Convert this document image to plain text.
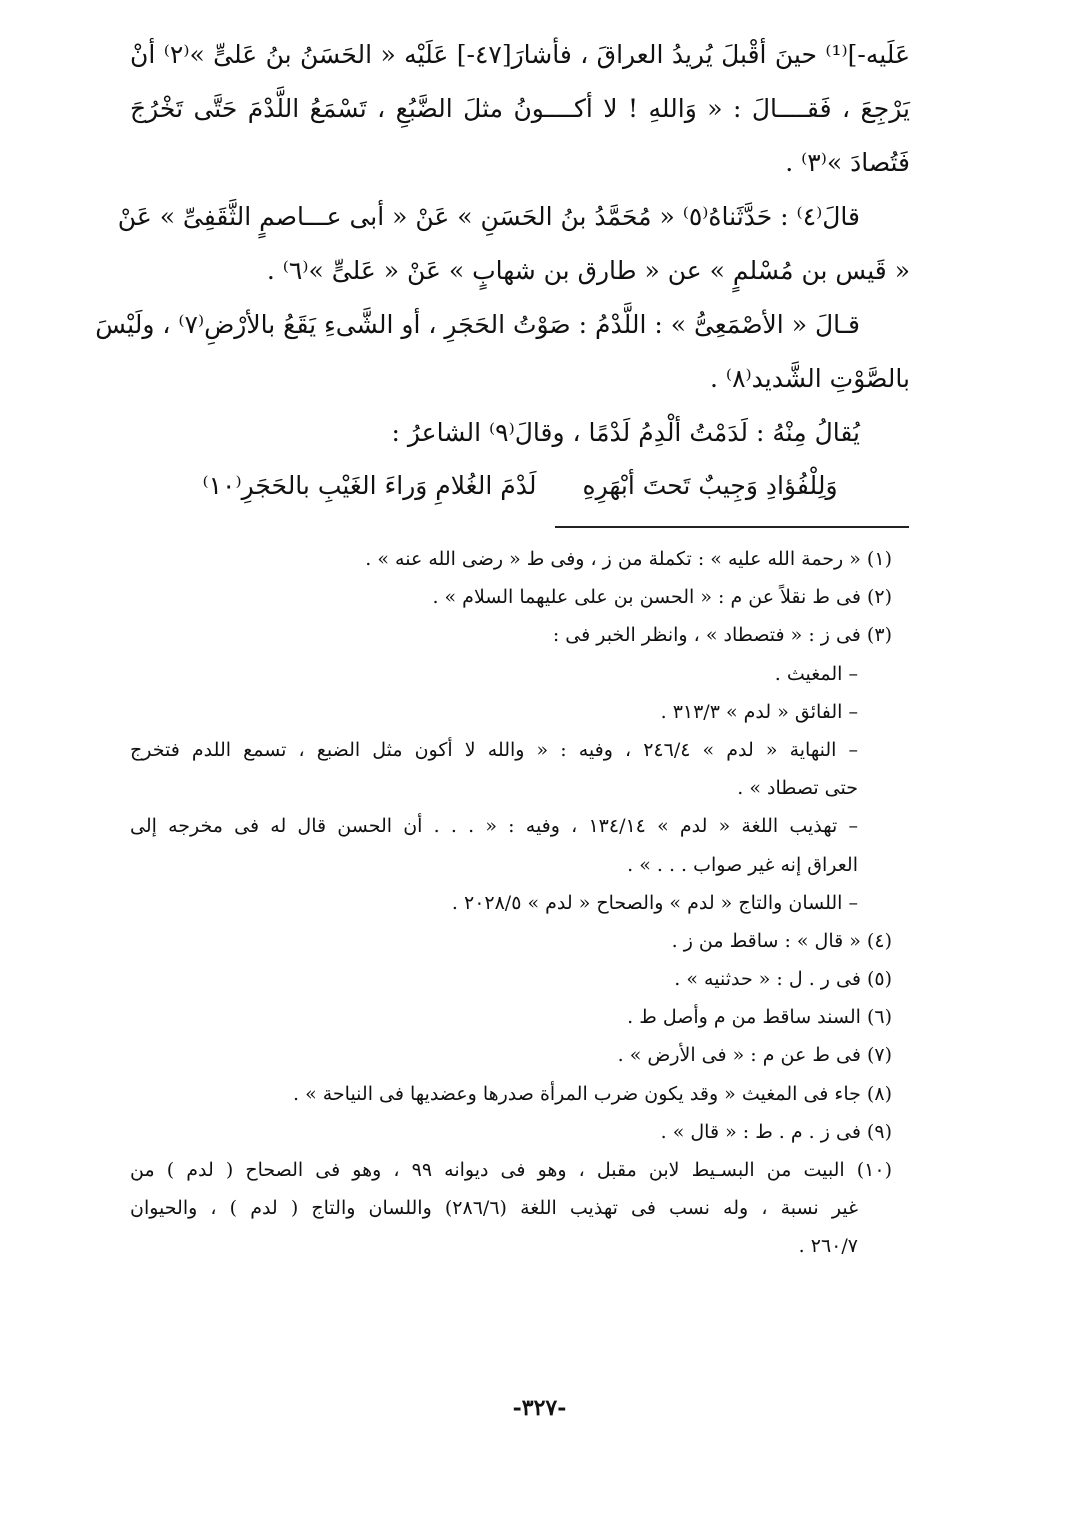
عَلَيه-]⁽¹⁾ حينَ أقْبلَ يُريدُ العراقَ ، فأشارَ[٤٧-] عَلَيْه « الحَسَنُ بنُ عَلىٍّ »⁽٢⁾ أنْ
يَرْجِعَ ، فَقــــالَ : « وَاللهِ ! لا أكــــونُ مثلَ الضَّبُعِ ، تَسْمَعُ اللَّدْمَ حَتَّى تَخْرُجَ
فَتُصادَ »⁽٣⁾ .
قالَ⁽٤⁾ : حَدَّثَناهُ⁽٥⁾ « مُحَمَّدُ بنُ الحَسَنِ » عَنْ « أبى عـــاصمٍ الثَّقَفِىِّ » عَنْ
« قَيس بن مُسْلمٍ » عن « طارق بن شهابٍ » عَنْ « عَلىٍّ »⁽٦⁾ .
قـالَ « الأصْمَعِىُّ » : اللَّدْمُ : صَوْتُ الحَجَرِ ، أو الشَّىءِ يَقَعُ بالأرْضِ⁽٧⁾ ، ولَيْسَ
بالصَّوْتِ الشَّديد⁽٨⁾ .
يُقالُ مِنْهُ : لَدَمْتُ ألْدِمُ لَدْمًا ، وقالَ⁽٩⁾ الشاعرُ :
وَلِلْفُؤادِ وَجِيبٌ تَحتَ أبْهَرِهِ
لَدْمَ الغُلامِ وَراءَ الغَيْبِ بالحَجَرِ⁽١٠⁾
(١) « رحمة الله عليه » : تكملة من ز ، وفى ط « رضى الله عنه » .
(٢) فى ط نقلاً عن م : « الحسن بن على عليهما السلام » .
(٣) فى ز : « فتصطاد » ، وانظر الخبر فى :
– المغيث .
– الفائق « لدم » ٣١٣/٣ .
– النهاية « لدم » ٢٤٦/٤ ، وفيه : « والله لا أكون مثل الضبع ، تسمع اللدم فتخرج
حتى تصطاد » .
– تهذيب اللغة « لدم » ١٣٤/١٤ ، وفيه : « . . . أن الحسن قال له فى مخرجه إلى
العراق إنه غير صواب . . . » .
– اللسان والتاج « لدم » والصحاح « لدم » ٢٠٢٨/٥ .
(٤) « قال » : ساقط من ز .
(٥) فى ر . ل : « حدثنيه » .
(٦) السند ساقط من م وأصل ط .
(٧) فى ط عن م : « فى الأرض » .
(٨) جاء فى المغيث « وقد يكون ضرب المرأة صدرها وعضديها فى النياحة » .
(٩) فى ز . م . ط : « قال » .
(١٠) البيت من البسـيط لابن مقبل ، وهو فى ديوانه ٩٩ ، وهو فى الصحاح ( لدم ) من
غير نسبة ، وله نسب فى تهذيب اللغة (٢٨٦/٦) واللسان والتاج ( لدم ) ، والحيوان
٢٦٠/٧ .
-٣٢٧-
